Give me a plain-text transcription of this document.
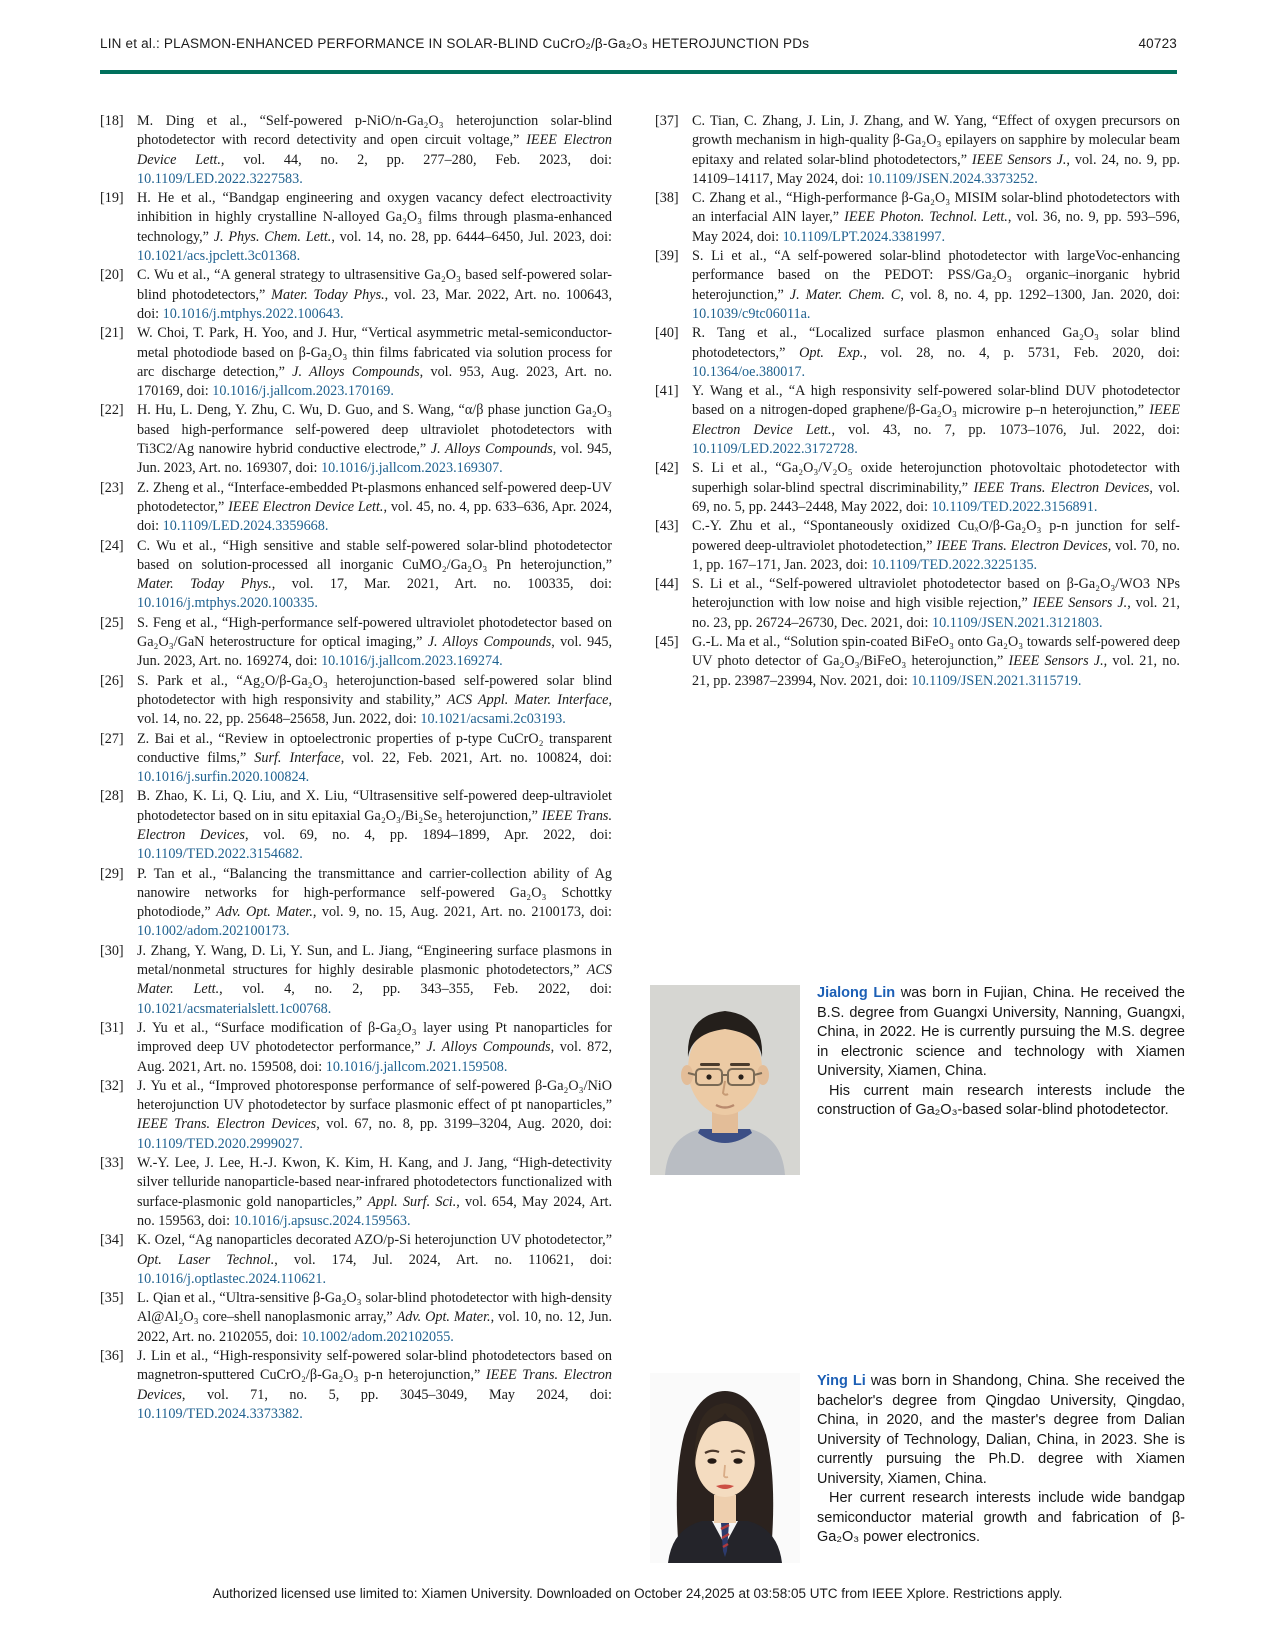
LIN et al.: PLASMON-ENHANCED PERFORMANCE IN SOLAR-BLIND CuCrO₂/β-Ga₂O₃ HETEROJUNCTION PDs	40723
[18] M. Ding et al., “Self-powered p-NiO/n-Ga₂O₃ heterojunction solar-blind photodetector with record detectivity and open circuit voltage,” IEEE Electron Device Lett., vol. 44, no. 2, pp. 277–280, Feb. 2023, doi: 10.1109/LED.2022.3227583.
[19] H. He et al., “Bandgap engineering and oxygen vacancy defect electroactivity inhibition in highly crystalline N-alloyed Ga₂O₃ films through plasma-enhanced technology,” J. Phys. Chem. Lett., vol. 14, no. 28, pp. 6444–6450, Jul. 2023, doi: 10.1021/acs.jpclett.3c01368.
[20] C. Wu et al., “A general strategy to ultrasensitive Ga₂O₃ based self-powered solar-blind photodetectors,” Mater. Today Phys., vol. 23, Mar. 2022, Art. no. 100643, doi: 10.1016/j.mtphys.2022.100643.
[21] W. Choi, T. Park, H. Yoo, and J. Hur, “Vertical asymmetric metal-semiconductor-metal photodiode based on β-Ga₂O₃ thin films fabricated via solution process for arc discharge detection,” J. Alloys Compounds, vol. 953, Aug. 2023, Art. no. 170169, doi: 10.1016/j.jallcom.2023.170169.
[22] H. Hu, L. Deng, Y. Zhu, C. Wu, D. Guo, and S. Wang, “α/β phase junction Ga₂O₃ based high-performance self-powered deep ultraviolet photodetectors with Ti3C2/Ag nanowire hybrid conductive electrode,” J. Alloys Compounds, vol. 945, Jun. 2023, Art. no. 169307, doi: 10.1016/j.jallcom.2023.169307.
[23] Z. Zheng et al., “Interface-embedded Pt-plasmons enhanced self-powered deep-UV photodetector,” IEEE Electron Device Lett., vol. 45, no. 4, pp. 633–636, Apr. 2024, doi: 10.1109/LED.2024.3359668.
[24] C. Wu et al., “High sensitive and stable self-powered solar-blind photodetector based on solution-processed all inorganic CuMO₂/Ga₂O₃ Pn heterojunction,” Mater. Today Phys., vol. 17, Mar. 2021, Art. no. 100335, doi: 10.1016/j.mtphys.2020.100335.
[25] S. Feng et al., “High-performance self-powered ultraviolet photodetector based on Ga₂O₃/GaN heterostructure for optical imaging,” J. Alloys Compounds, vol. 945, Jun. 2023, Art. no. 169274, doi: 10.1016/j.jallcom.2023.169274.
[26] S. Park et al., “Ag₂O/β-Ga₂O₃ heterojunction-based self-powered solar blind photodetector with high responsivity and stability,” ACS Appl. Mater. Interface, vol. 14, no. 22, pp. 25648–25658, Jun. 2022, doi: 10.1021/acsami.2c03193.
[27] Z. Bai et al., “Review in optoelectronic properties of p-type CuCrO₂ transparent conductive films,” Surf. Interface, vol. 22, Feb. 2021, Art. no. 100824, doi: 10.1016/j.surfin.2020.100824.
[28] B. Zhao, K. Li, Q. Liu, and X. Liu, “Ultrasensitive self-powered deep-ultraviolet photodetector based on in situ epitaxial Ga₂O₃/Bi₂Se₃ heterojunction,” IEEE Trans. Electron Devices, vol. 69, no. 4, pp. 1894–1899, Apr. 2022, doi: 10.1109/TED.2022.3154682.
[29] P. Tan et al., “Balancing the transmittance and carrier-collection ability of Ag nanowire networks for high-performance self-powered Ga₂O₃ Schottky photodiode,” Adv. Opt. Mater., vol. 9, no. 15, Aug. 2021, Art. no. 2100173, doi: 10.1002/adom.202100173.
[30] J. Zhang, Y. Wang, D. Li, Y. Sun, and L. Jiang, “Engineering surface plasmons in metal/nonmetal structures for highly desirable plasmonic photodetectors,” ACS Mater. Lett., vol. 4, no. 2, pp. 343–355, Feb. 2022, doi: 10.1021/acsmaterialslett.1c00768.
[31] J. Yu et al., “Surface modification of β-Ga₂O₃ layer using Pt nanoparticles for improved deep UV photodetector performance,” J. Alloys Compounds, vol. 872, Aug. 2021, Art. no. 159508, doi: 10.1016/j.jallcom.2021.159508.
[32] J. Yu et al., “Improved photoresponse performance of self-powered β-Ga₂O₃/NiO heterojunction UV photodetector by surface plasmonic effect of pt nanoparticles,” IEEE Trans. Electron Devices, vol. 67, no. 8, pp. 3199–3204, Aug. 2020, doi: 10.1109/TED.2020.2999027.
[33] W.-Y. Lee, J. Lee, H.-J. Kwon, K. Kim, H. Kang, and J. Jang, “High-detectivity silver telluride nanoparticle-based near-infrared photodetectors functionalized with surface-plasmonic gold nanoparticles,” Appl. Surf. Sci., vol. 654, May 2024, Art. no. 159563, doi: 10.1016/j.apsusc.2024.159563.
[34] K. Ozel, “Ag nanoparticles decorated AZO/p-Si heterojunction UV photodetector,” Opt. Laser Technol., vol. 174, Jul. 2024, Art. no. 110621, doi: 10.1016/j.optlastec.2024.110621.
[35] L. Qian et al., “Ultra-sensitive β-Ga₂O₃ solar-blind photodetector with high-density Al@Al₂O₃ core–shell nanoplasmonic array,” Adv. Opt. Mater., vol. 10, no. 12, Jun. 2022, Art. no. 2102055, doi: 10.1002/adom.202102055.
[36] J. Lin et al., “High-responsivity self-powered solar-blind photodetectors based on magnetron-sputtered CuCrO₂/β-Ga₂O₃ p-n heterojunction,” IEEE Trans. Electron Devices, vol. 71, no. 5, pp. 3045–3049, May 2024, doi: 10.1109/TED.2024.3373382.
[37] C. Tian, C. Zhang, J. Lin, J. Zhang, and W. Yang, “Effect of oxygen precursors on growth mechanism in high-quality β-Ga₂O₃ epilayers on sapphire by molecular beam epitaxy and related solar-blind photodetectors,” IEEE Sensors J., vol. 24, no. 9, pp. 14109–14117, May 2024, doi: 10.1109/JSEN.2024.3373252.
[38] C. Zhang et al., “High-performance β-Ga₂O₃ MISIM solar-blind photodetectors with an interfacial AlN layer,” IEEE Photon. Technol. Lett., vol. 36, no. 9, pp. 593–596, May 2024, doi: 10.1109/LPT.2024.3381997.
[39] S. Li et al., “A self-powered solar-blind photodetector with largeVoc-enhancing performance based on the PEDOT: PSS/Ga₂O₃ organic–inorganic hybrid heterojunction,” J. Mater. Chem. C, vol. 8, no. 4, pp. 1292–1300, Jan. 2020, doi: 10.1039/c9tc06011a.
[40] R. Tang et al., “Localized surface plasmon enhanced Ga₂O₃ solar blind photodetectors,” Opt. Exp., vol. 28, no. 4, p. 5731, Feb. 2020, doi: 10.1364/oe.380017.
[41] Y. Wang et al., “A high responsivity self-powered solar-blind DUV photodetector based on a nitrogen-doped graphene/β-Ga₂O₃ microwire p–n heterojunction,” IEEE Electron Device Lett., vol. 43, no. 7, pp. 1073–1076, Jul. 2022, doi: 10.1109/LED.2022.3172728.
[42] S. Li et al., “Ga₂O₃/V₂O₅ oxide heterojunction photovoltaic photodetector with superhigh solar-blind spectral discriminability,” IEEE Trans. Electron Devices, vol. 69, no. 5, pp. 2443–2448, May 2022, doi: 10.1109/TED.2022.3156891.
[43] C.-Y. Zhu et al., “Spontaneously oxidized CuₓO/β-Ga₂O₃ p-n junction for self-powered deep-ultraviolet photodetection,” IEEE Trans. Electron Devices, vol. 70, no. 1, pp. 167–171, Jan. 2023, doi: 10.1109/TED.2022.3225135.
[44] S. Li et al., “Self-powered ultraviolet photodetector based on β-Ga₂O₃/WO3 NPs heterojunction with low noise and high visible rejection,” IEEE Sensors J., vol. 21, no. 23, pp. 26724–26730, Dec. 2021, doi: 10.1109/JSEN.2021.3121803.
[45] G.-L. Ma et al., “Solution spin-coated BiFeO₃ onto Ga₂O₃ towards self-powered deep UV photo detector of Ga₂O₃/BiFeO₃ heterojunction,” IEEE Sensors J., vol. 21, no. 21, pp. 23987–23994, Nov. 2021, doi: 10.1109/JSEN.2021.3115719.

Jialong Lin was born in Fujian, China. He received the B.S. degree from Guangxi University, Nanning, Guangxi, China, in 2022. He is currently pursuing the M.S. degree in electronic science and technology with Xiamen University, Xiamen, China.

His current main research interests include the construction of Ga₂O₃-based solar-blind photodetector.

Ying Li was born in Shandong, China. She received the bachelor's degree from Qingdao University, Qingdao, China, in 2020, and the master's degree from Dalian University of Technology, Dalian, China, in 2023. She is currently pursuing the Ph.D. degree with Xiamen University, Xiamen, China.

Her current research interests include wide bandgap semiconductor material growth and fabrication of β-Ga₂O₃ power electronics.

Authorized licensed use limited to: Xiamen University. Downloaded on October 24,2025 at 03:58:05 UTC from IEEE Xplore. Restrictions apply.
